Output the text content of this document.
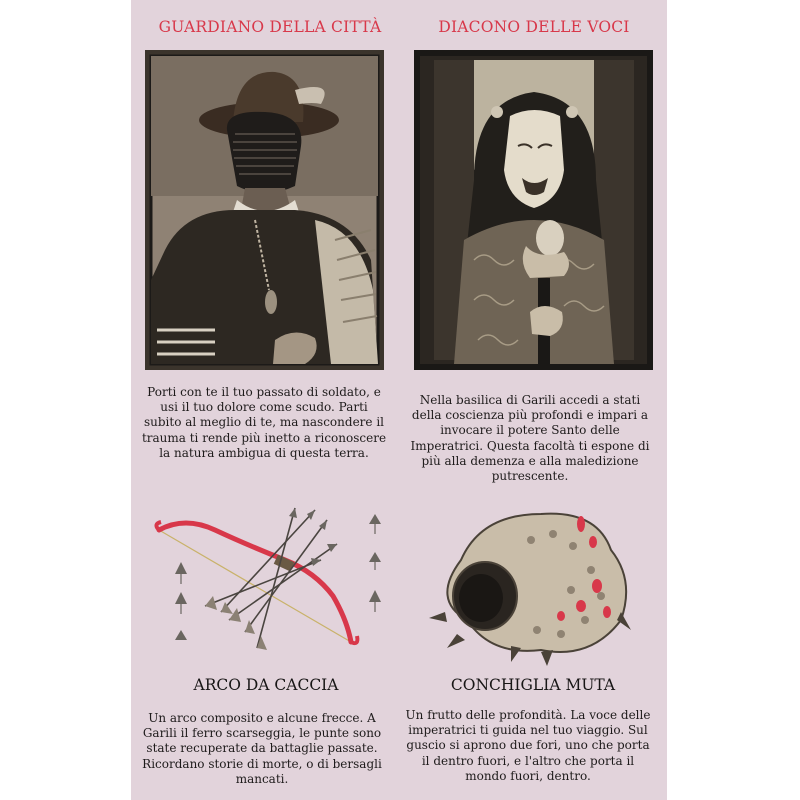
GUARDIANO DELLA CITTÀ

Porti con te il tuo passato di soldato, e usi il tuo dolore come scudo. Parti subito al meglio di te, ma nascondere il trauma ti rende più inetto a riconoscere la natura ambigua di questa terra.

DIACONO DELLE VOCI

Nella basilica di Garili accedi a stati della coscienza più profondi e impari a invocare il potere Santo delle Imperatrici. Questa facoltà ti espone di più alla demenza e alla maledizione putrescente.

ARCO DA CACCIA

Un arco composito e alcune frecce. A Garili il ferro scarseggia, le punte sono state recuperate da battaglie passate. Ricordano storie di morte, o di bersagli mancati.

CONCHIGLIA MUTA

Un frutto delle profondità. La voce delle imperatrici ti guida nel tuo viaggio. Sul guscio si aprono due fori, uno che porta il dentro fuori, e l'altro che porta il mondo fuori, dentro.
